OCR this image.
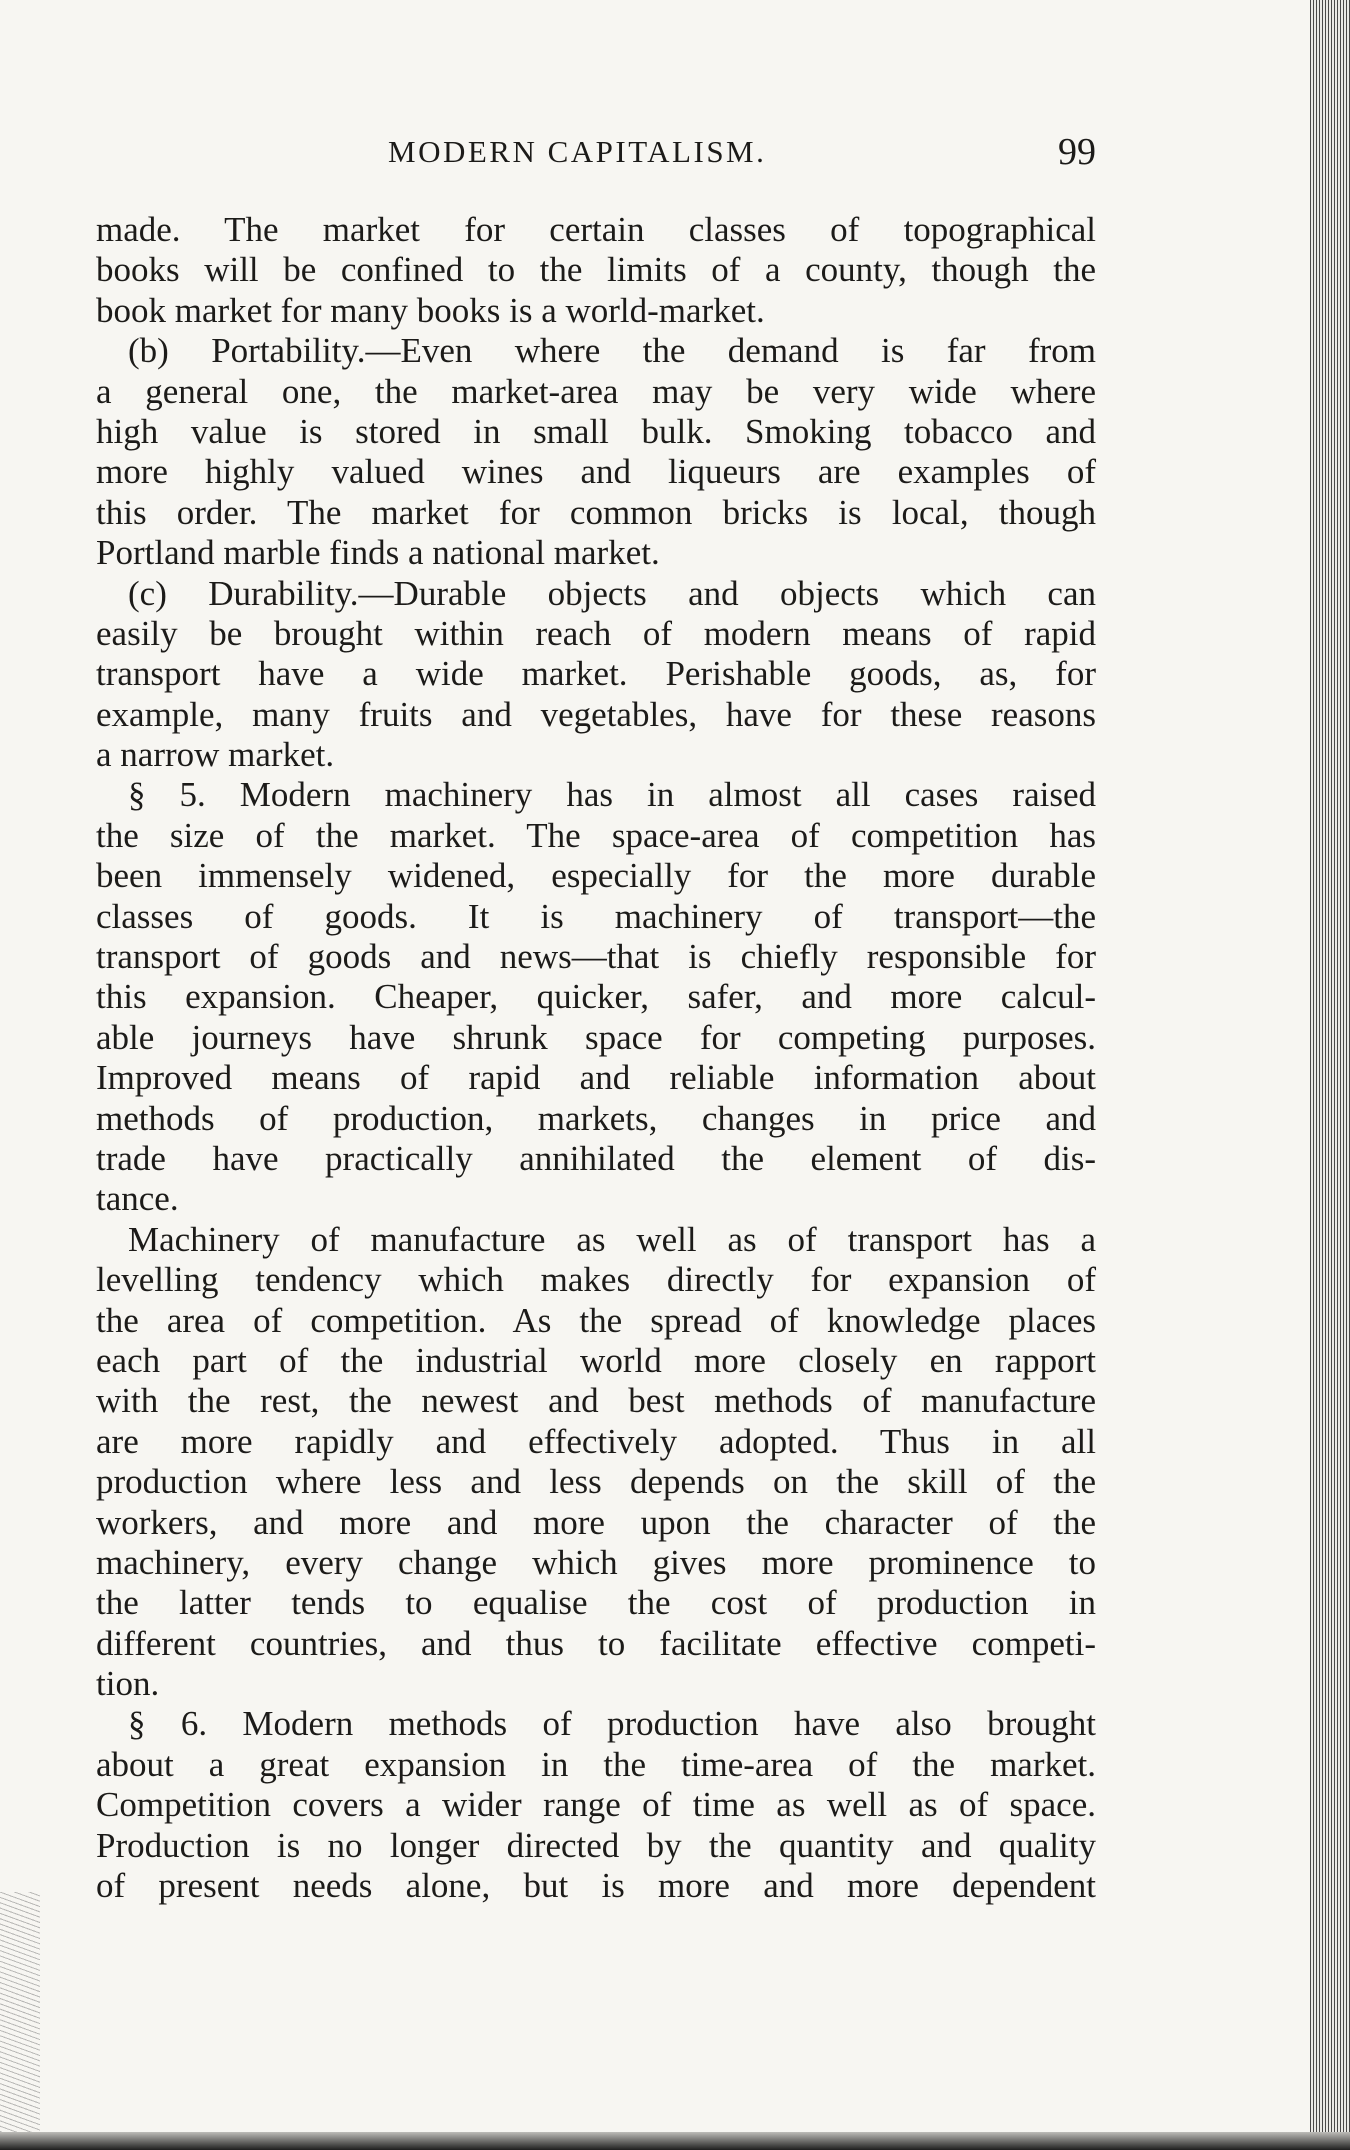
MODERN CAPITALISM.	99
made. The market for certain classes of topographical
books will be confined to the limits of a county, though the
book market for many books is a world-market.
(b) Portability.—Even where the demand is far from
a general one, the market-area may be very wide where
high value is stored in small bulk. Smoking tobacco and
more highly valued wines and liqueurs are examples of
this order. The market for common bricks is local, though
Portland marble finds a national market.
(c) Durability.—Durable objects and objects which can
easily be brought within reach of modern means of rapid
transport have a wide market. Perishable goods, as, for
example, many fruits and vegetables, have for these reasons
a narrow market.
§ 5. Modern machinery has in almost all cases raised
the size of the market. The space-area of competition has
been immensely widened, especially for the more durable
classes of goods. It is machinery of transport—the
transport of goods and news—that is chiefly responsible for
this expansion. Cheaper, quicker, safer, and more calcul-
able journeys have shrunk space for competing purposes.
Improved means of rapid and reliable information about
methods of production, markets, changes in price and
trade have practically annihilated the element of dis-
tance.
Machinery of manufacture as well as of transport has a
levelling tendency which makes directly for expansion of
the area of competition. As the spread of knowledge places
each part of the industrial world more closely en rapport
with the rest, the newest and best methods of manufacture
are more rapidly and effectively adopted. Thus in all
production where less and less depends on the skill of the
workers, and more and more upon the character of the
machinery, every change which gives more prominence to
the latter tends to equalise the cost of production in
different countries, and thus to facilitate effective competi-
tion.
§ 6. Modern methods of production have also brought
about a great expansion in the time-area of the market.
Competition covers a wider range of time as well as of space.
Production is no longer directed by the quantity and quality
of present needs alone, but is more and more dependent
